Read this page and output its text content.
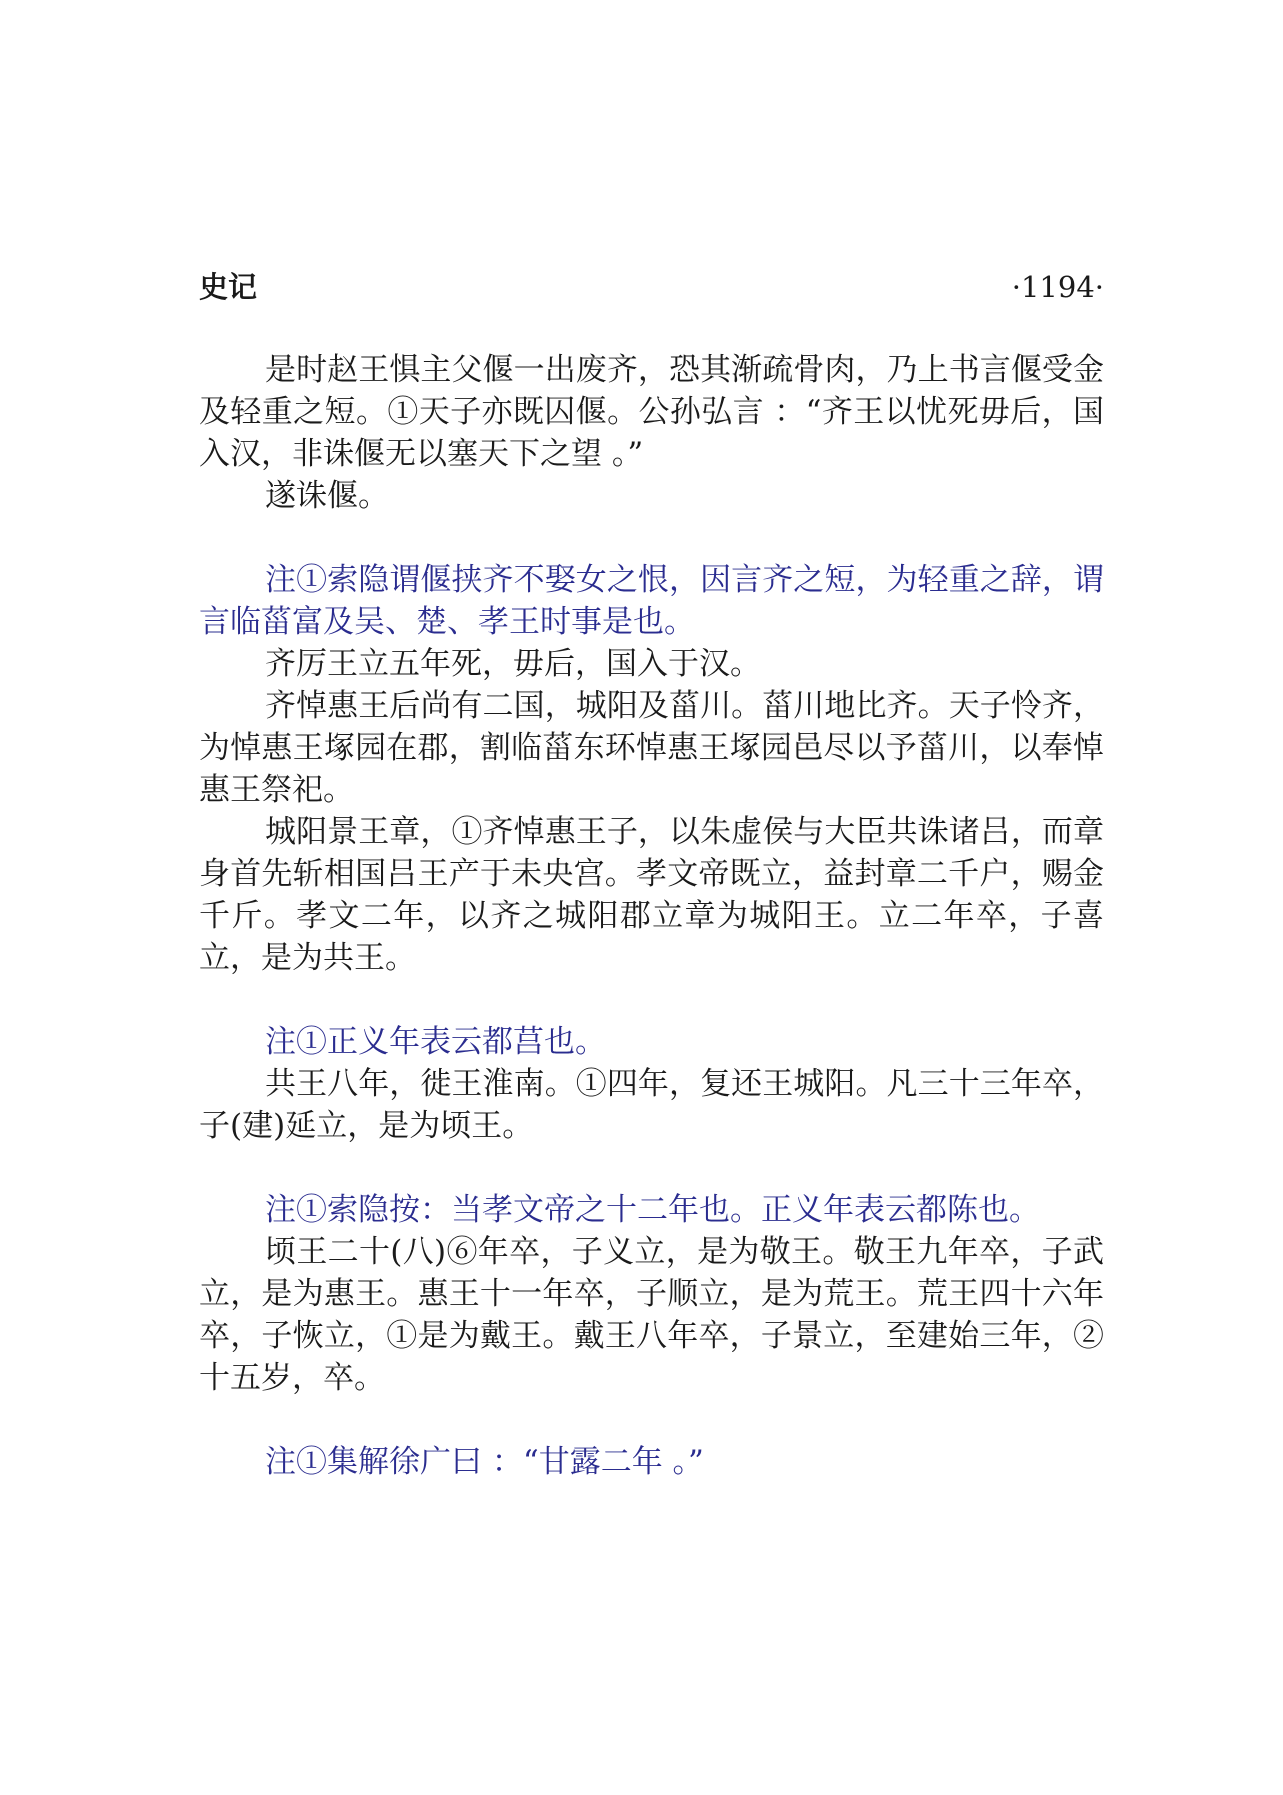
史记	·1194·

是时赵王惧主父偃一出废齐，恐其渐疏骨肉，乃上书言偃受金及轻重之短。①天子亦既囚偃。公孙弘言 ：“齐王以忧死毋后，国入汉，非诛偃无以塞天下之望 。”

遂诛偃。

注①索隐谓偃挟齐不娶女之恨，因言齐之短，为轻重之辞，谓言临菑富及吴、楚、孝王时事是也。

齐厉王立五年死，毋后，国入于汉。

齐悼惠王后尚有二国，城阳及菑川。菑川地比齐。天子怜齐，为悼惠王塚园在郡，割临菑东环悼惠王塚园邑尽以予菑川，以奉悼惠王祭祀。

城阳景王章，①齐悼惠王子，以朱虚侯与大臣共诛诸吕，而章身首先斩相国吕王产于未央宫。孝文帝既立，益封章二千户，赐金千斤。孝文二年，以齐之城阳郡立章为城阳王。立二年卒，子喜立，是为共王。

注①正义年表云都莒也。

共王八年，徙王淮南。①四年，复还王城阳。凡三十三年卒，子(建)延立，是为顷王。

注①索隐按：当孝文帝之十二年也。正义年表云都陈也。

顷王二十(八)⑥年卒，子义立，是为敬王。敬王九年卒，子武立，是为惠王。惠王十一年卒，子顺立，是为荒王。荒王四十六年卒，子恢立，①是为戴王。戴王八年卒，子景立，至建始三年，②十五岁，卒。

注①集解徐广曰 ：“甘露二年 。”
